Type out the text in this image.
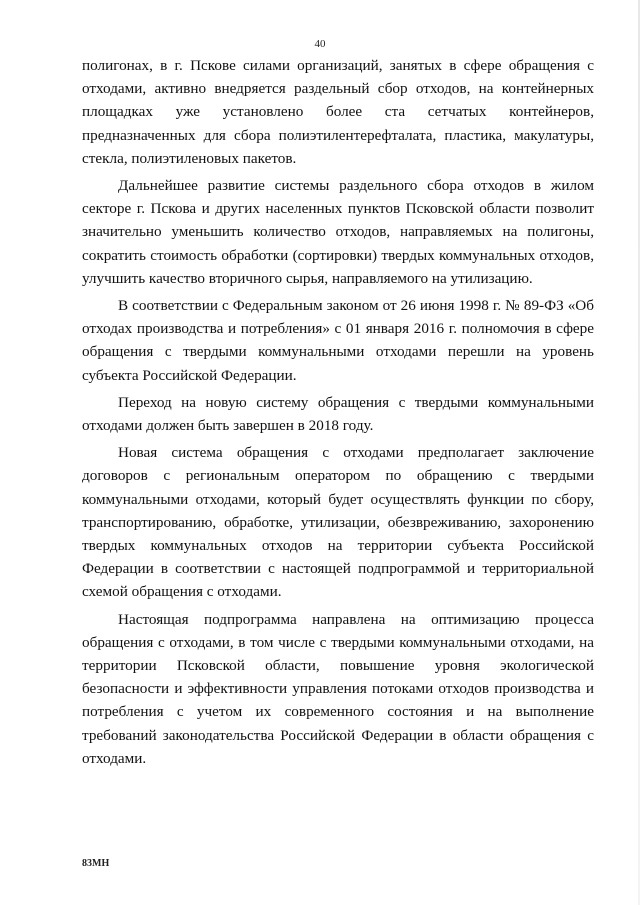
40

полигонах, в г. Пскове силами организаций, занятых в сфере обращения с отходами, активно внедряется раздельный сбор отходов, на контейнерных площадках уже установлено более ста сетчатых контейнеров, предназначенных для сбора полиэтилентерефталата, пластика, макулатуры, стекла, полиэтиленовых пакетов.

Дальнейшее развитие системы раздельного сбора отходов в жилом секторе г. Пскова и других населенных пунктов Псковской области позволит значительно уменьшить количество отходов, направляемых на полигоны, сократить стоимость обработки (сортировки) твердых коммунальных отходов, улучшить качество вторичного сырья, направляемого на утилизацию.

В соответствии с Федеральным законом от 26 июня 1998 г. № 89-ФЗ «Об отходах производства и потребления» с 01 января 2016 г. полномочия в сфере обращения с твердыми коммунальными отходами перешли на уровень субъекта Российской Федерации.

Переход на новую систему обращения с твердыми коммунальными отходами должен быть завершен в 2018 году.

Новая система обращения с отходами предполагает заключение договоров с региональным оператором по обращению с твердыми коммунальными отходами, который будет осуществлять функции по сбору, транспортированию, обработке, утилизации, обезвреживанию, захоронению твердых коммунальных отходов на территории субъекта Российской Федерации в соответствии с настоящей подпрограммой и территориальной схемой обращения с отходами.

Настоящая подпрограмма направлена на оптимизацию процесса обращения с отходами, в том числе с твердыми коммунальными отходами, на территории Псковской области, повышение уровня экологической безопасности и эффективности управления потоками отходов производства и потребления с учетом их современного состояния и на выполнение требований законодательства Российской Федерации в области обращения с отходами.

83МН
